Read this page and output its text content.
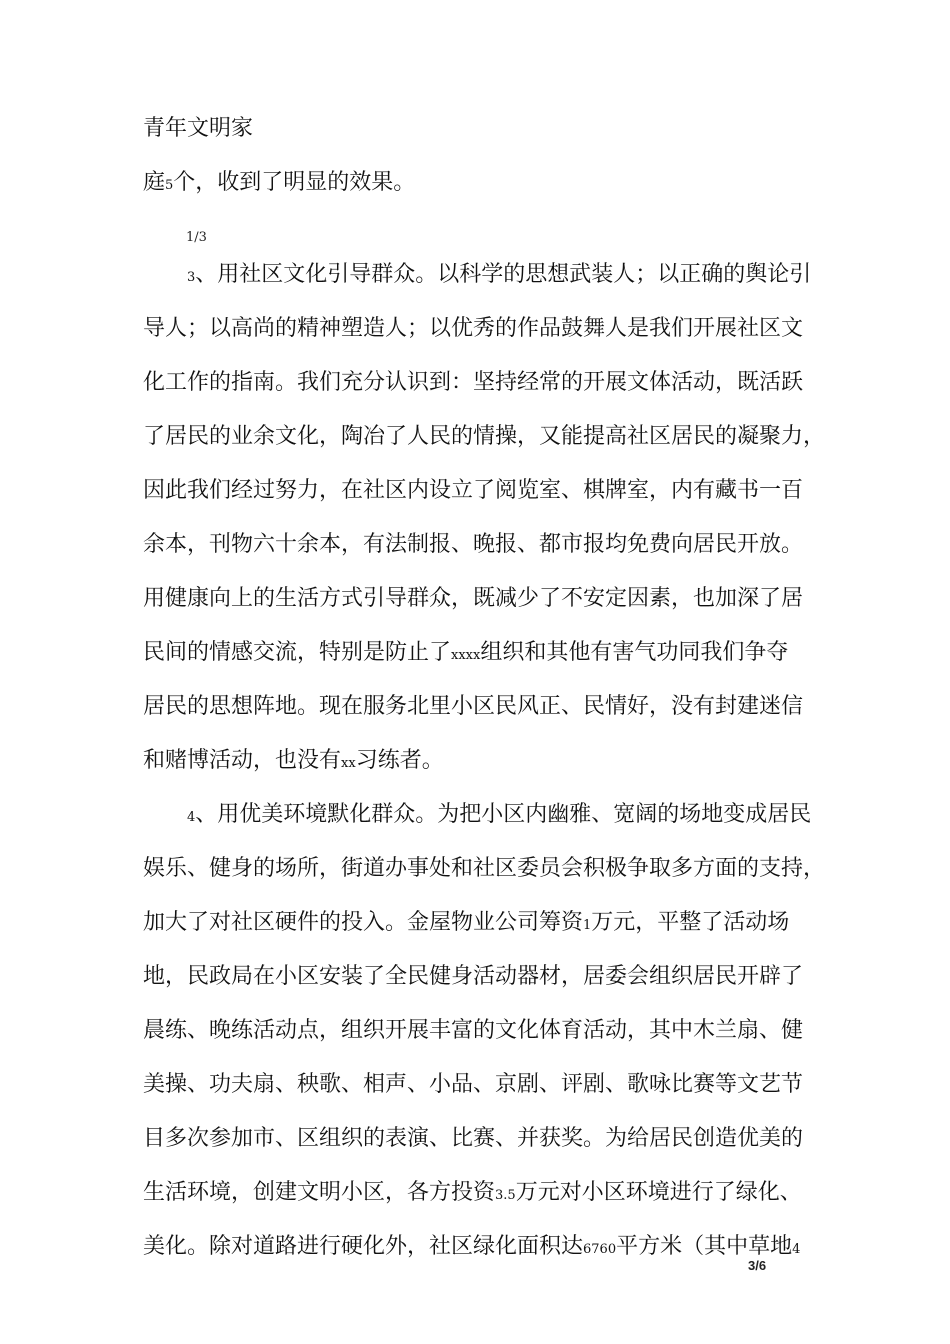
青年文明家
庭5个，收到了明显的效果。
1/3
3、用社区文化引导群众。以科学的思想武装人；以正确的舆论引
导人；以高尚的精神塑造人；以优秀的作品鼓舞人是我们开展社区文
化工作的指南。我们充分认识到：坚持经常的开展文体活动，既活跃
了居民的业余文化，陶冶了人民的情操，又能提高社区居民的凝聚力，
因此我们经过努力，在社区内设立了阅览室、棋牌室，内有藏书一百
余本，刊物六十余本，有法制报、晚报、都市报均免费向居民开放。
用健康向上的生活方式引导群众，既减少了不安定因素，也加深了居
民间的情感交流，特别是防止了xxxx组织和其他有害气功同我们争夺
居民的思想阵地。现在服务北里小区民风正、民情好，没有封建迷信
和赌博活动，也没有xx习练者。
4、用优美环境默化群众。为把小区内幽雅、宽阔的场地变成居民
娱乐、健身的场所，街道办事处和社区委员会积极争取多方面的支持，
加大了对社区硬件的投入。金屋物业公司筹资1万元，平整了活动场
地，民政局在小区安装了全民健身活动器材，居委会组织居民开辟了
晨练、晚练活动点，组织开展丰富的文化体育活动，其中木兰扇、健
美操、功夫扇、秧歌、相声、小品、京剧、评剧、歌咏比赛等文艺节
目多次参加市、区组织的表演、比赛、并获奖。为给居民创造优美的
生活环境，创建文明小区，各方投资3.5万元对小区环境进行了绿化、
美化。除对道路进行硬化外，社区绿化面积达6760平方米（其中草地4
3/6
